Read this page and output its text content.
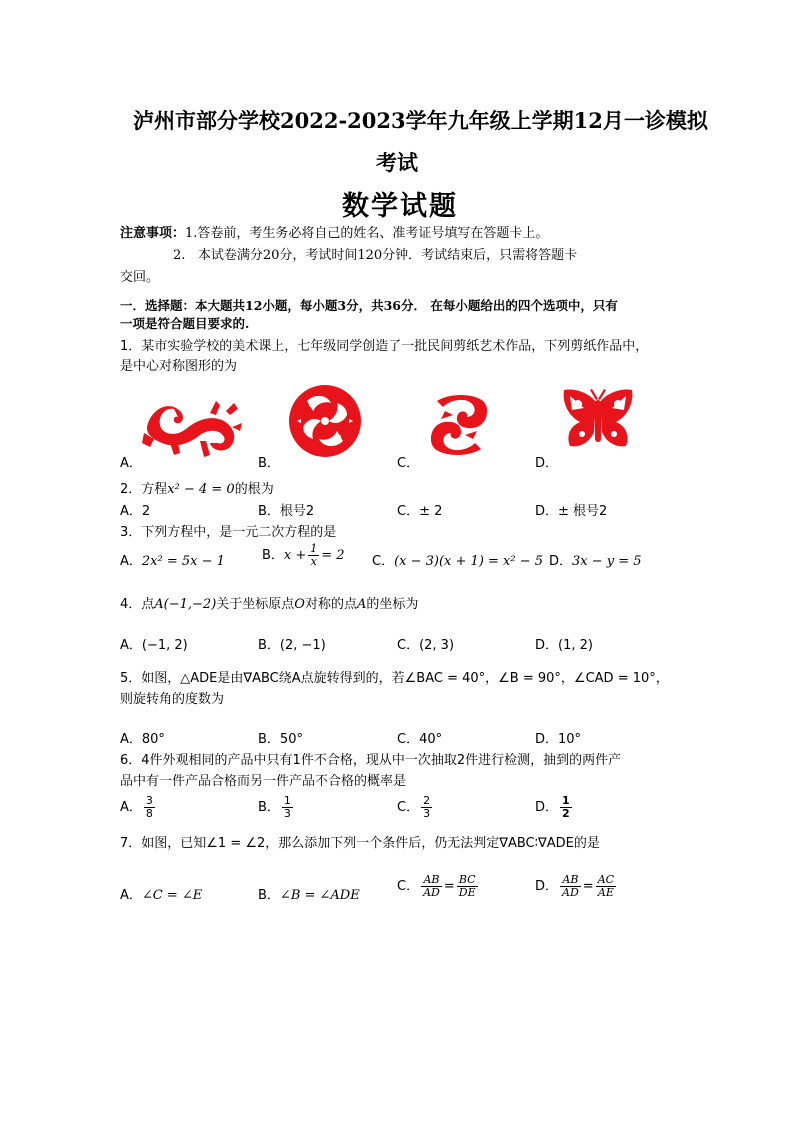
泸州市部分学校2022-2023学年九年级上学期12月一诊模拟
考试
数学试题
注意事项：1.答卷前，考生务必将自己的姓名、准考证号填写在答题卡上。
2. 本试卷满分20分，考试时间120分钟．考试结束后，只需将答题卡
交回。
一．选择题：本大题共12小题，每小题3分，共36分． 在每小题给出的四个选项中，只有
一项是符合题目要求的.
1．某市实验学校的美术课上，七年级同学创造了一批民间剪纸艺术作品，下列剪纸作品中，
是中心对称图形的为
A．	B．	C．	D．
2．方程x² − 4 = 0的根为
A．2	B．根号2	C．± 2	D．± 根号2
3．下列方程中，是一元二次方程的是
A．2x² = 5x − 1	B．$x + \frac{1}{x} = 2$ C．(x − 3)(x + 1) = x² − 5 D．3x − y = 5
4．点A(−1,−2)关于坐标原点O对称的点A的坐标为
A．(−1, 2)	B．(2, −1)	C．(2, 3)	D．(1, 2)
5．如图，△ADE是由∇ABC绕A点旋转得到的，若∠BAC = 40°，∠B = 90°，∠CAD = 10°，
则旋转角的度数为
A．80°	B．50°	C．40°	D．10°
6．4件外观相同的产品中只有1件不合格，现从中一次抽取2件进行检测，抽到的两件产
品中有一件产品合格而另一件产品不合格的概率是
A． $\frac{3}{8}$	B． $\frac{1}{3}$	C． $\frac{2}{3}$	D． $\frac{1}{2}$
7．如图，已知∠1 = ∠2，那么添加下列一个条件后，仍无法判定∇ABC∶∇ADE的是
A．∠C = ∠E	B．∠B = ∠ADE
C． $\frac{AB}{AD} = \frac{BC}{DE}$	D． $\frac{AB}{AD} = \frac{AC}{AE}$
